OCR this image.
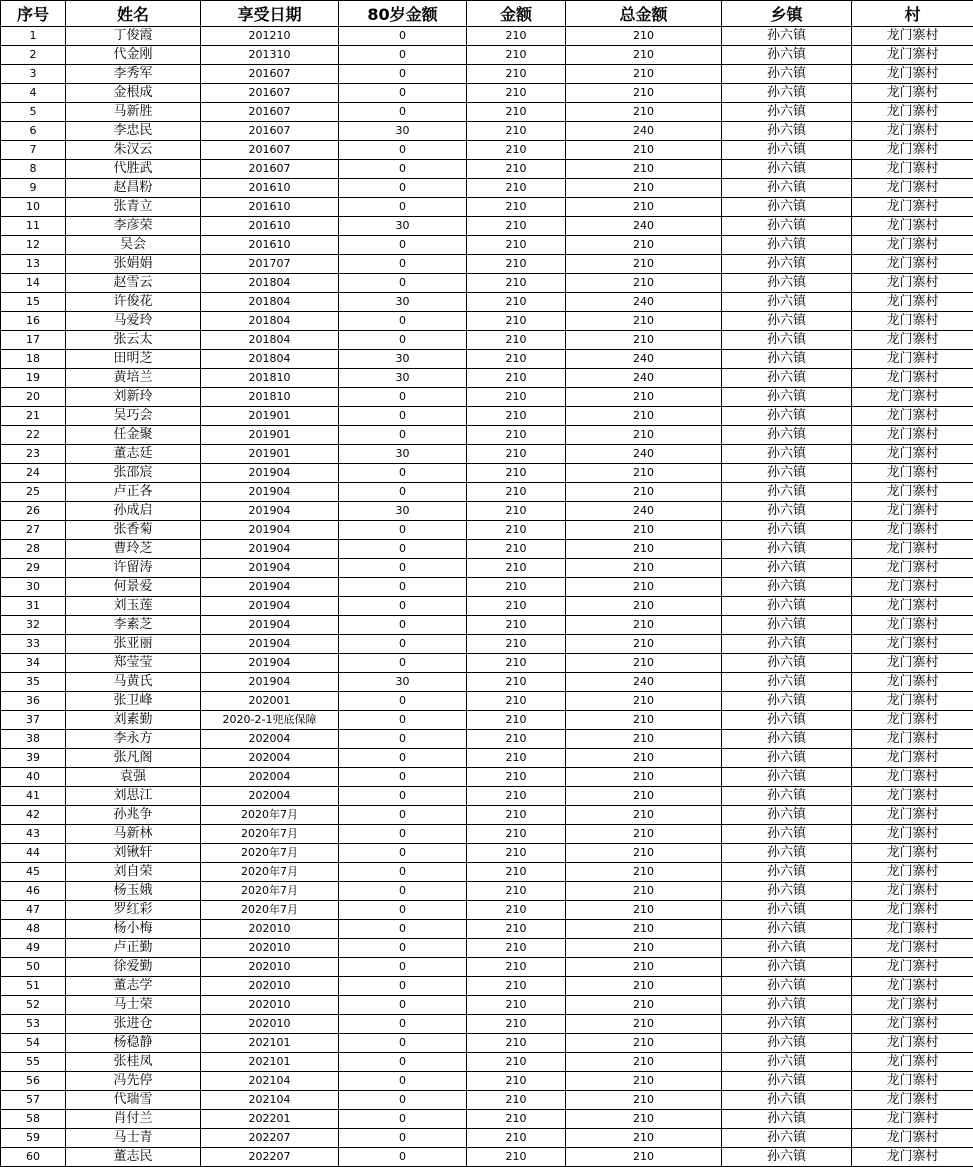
序号	姓名	享受日期	80岁金额	金额	总金额	乡镇	村
1	丁俊霞	201210	0	210	210	孙六镇	龙门寨村
2	代金刚	201310	0	210	210	孙六镇	龙门寨村
3	李秀军	201607	0	210	210	孙六镇	龙门寨村
4	金根成	201607	0	210	210	孙六镇	龙门寨村
5	马新胜	201607	0	210	210	孙六镇	龙门寨村
6	李忠民	201607	30	210	240	孙六镇	龙门寨村
7	朱汉云	201607	0	210	210	孙六镇	龙门寨村
8	代胜武	201607	0	210	210	孙六镇	龙门寨村
9	赵昌粉	201610	0	210	210	孙六镇	龙门寨村
10	张青立	201610	0	210	210	孙六镇	龙门寨村
11	李彦荣	201610	30	210	240	孙六镇	龙门寨村
12	吴会	201610	0	210	210	孙六镇	龙门寨村
13	张娟娟	201707	0	210	210	孙六镇	龙门寨村
14	赵雪云	201804	0	210	210	孙六镇	龙门寨村
15	许俊花	201804	30	210	240	孙六镇	龙门寨村
16	马爱玲	201804	0	210	210	孙六镇	龙门寨村
17	张云太	201804	0	210	210	孙六镇	龙门寨村
18	田明芝	201804	30	210	240	孙六镇	龙门寨村
19	黄培兰	201810	30	210	240	孙六镇	龙门寨村
20	刘新玲	201810	0	210	210	孙六镇	龙门寨村
21	吴巧会	201901	0	210	210	孙六镇	龙门寨村
22	任金聚	201901	0	210	210	孙六镇	龙门寨村
23	董志廷	201901	30	210	240	孙六镇	龙门寨村
24	张邵宸	201904	0	210	210	孙六镇	龙门寨村
25	卢正各	201904	0	210	210	孙六镇	龙门寨村
26	孙成启	201904	30	210	240	孙六镇	龙门寨村
27	张香菊	201904	0	210	210	孙六镇	龙门寨村
28	曹玲芝	201904	0	210	210	孙六镇	龙门寨村
29	许留涛	201904	0	210	210	孙六镇	龙门寨村
30	何景爱	201904	0	210	210	孙六镇	龙门寨村
31	刘玉莲	201904	0	210	210	孙六镇	龙门寨村
32	李素芝	201904	0	210	210	孙六镇	龙门寨村
33	张亚丽	201904	0	210	210	孙六镇	龙门寨村
34	郑莹莹	201904	0	210	210	孙六镇	龙门寨村
35	马黄氏	201904	30	210	240	孙六镇	龙门寨村
36	张卫峰	202001	0	210	210	孙六镇	龙门寨村
37	刘素勤	2020-2-1兜底保障	0	210	210	孙六镇	龙门寨村
38	李永方	202004	0	210	210	孙六镇	龙门寨村
39	张凡阁	202004	0	210	210	孙六镇	龙门寨村
40	袁强	202004	0	210	210	孙六镇	龙门寨村
41	刘思江	202004	0	210	210	孙六镇	龙门寨村
42	孙兆争	2020年7月	0	210	210	孙六镇	龙门寨村
43	马新林	2020年7月	0	210	210	孙六镇	龙门寨村
44	刘锹轩	2020年7月	0	210	210	孙六镇	龙门寨村
45	刘自荣	2020年7月	0	210	210	孙六镇	龙门寨村
46	杨玉娥	2020年7月	0	210	210	孙六镇	龙门寨村
47	罗红彩	2020年7月	0	210	210	孙六镇	龙门寨村
48	杨小梅	202010	0	210	210	孙六镇	龙门寨村
49	卢正勤	202010	0	210	210	孙六镇	龙门寨村
50	徐爱勤	202010	0	210	210	孙六镇	龙门寨村
51	董志学	202010	0	210	210	孙六镇	龙门寨村
52	马士荣	202010	0	210	210	孙六镇	龙门寨村
53	张进仓	202010	0	210	210	孙六镇	龙门寨村
54	杨稳静	202101	0	210	210	孙六镇	龙门寨村
55	张桂凤	202101	0	210	210	孙六镇	龙门寨村
56	冯先停	202104	0	210	210	孙六镇	龙门寨村
57	代瑞雪	202104	0	210	210	孙六镇	龙门寨村
58	肖付兰	202201	0	210	210	孙六镇	龙门寨村
59	马士青	202207	0	210	210	孙六镇	龙门寨村
60	董志民	202207	0	210	210	孙六镇	龙门寨村
